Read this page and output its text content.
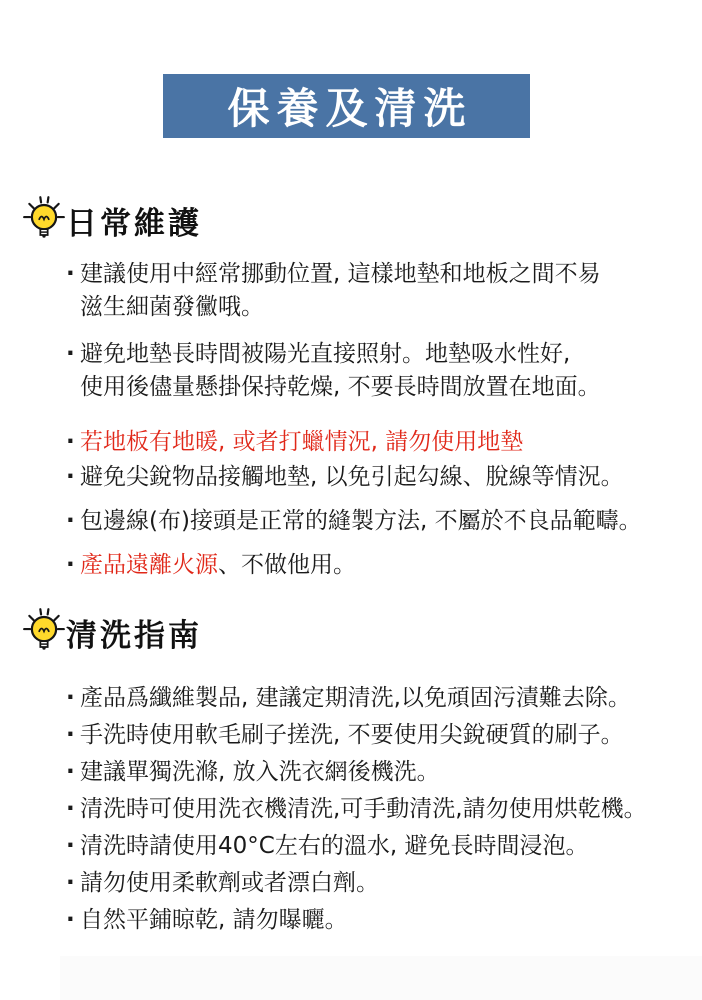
保養及清洗
日常維護

· 建議使用中經常挪動位置, 這樣地墊和地板之間不易
滋生細菌發黴哦。

· 避免地墊長時間被陽光直接照射。地墊吸水性好,
使用後儘量懸掛保持乾燥, 不要長時間放置在地面。

· 若地板有地暖, 或者打蠟情況, 請勿使用地墊

· 避免尖銳物品接觸地墊, 以免引起勾線、脫線等情況。

· 包邊線(布)接頭是正常的縫製方法, 不屬於不良品範疇。

· 產品遠離火源、不做他用。

清洗指南

· 產品爲纖維製品, 建議定期清洗,以免頑固污漬難去除。

· 手洗時使用軟毛刷子搓洗, 不要使用尖銳硬質的刷子。

· 建議單獨洗滌, 放入洗衣網後機洗。

· 清洗時可使用洗衣機清洗,可手動清洗,請勿使用烘乾機。

· 清洗時請使用40°C左右的溫水, 避免長時間浸泡。

· 請勿使用柔軟劑或者漂白劑。

· 自然平鋪晾乾, 請勿曝曬。
